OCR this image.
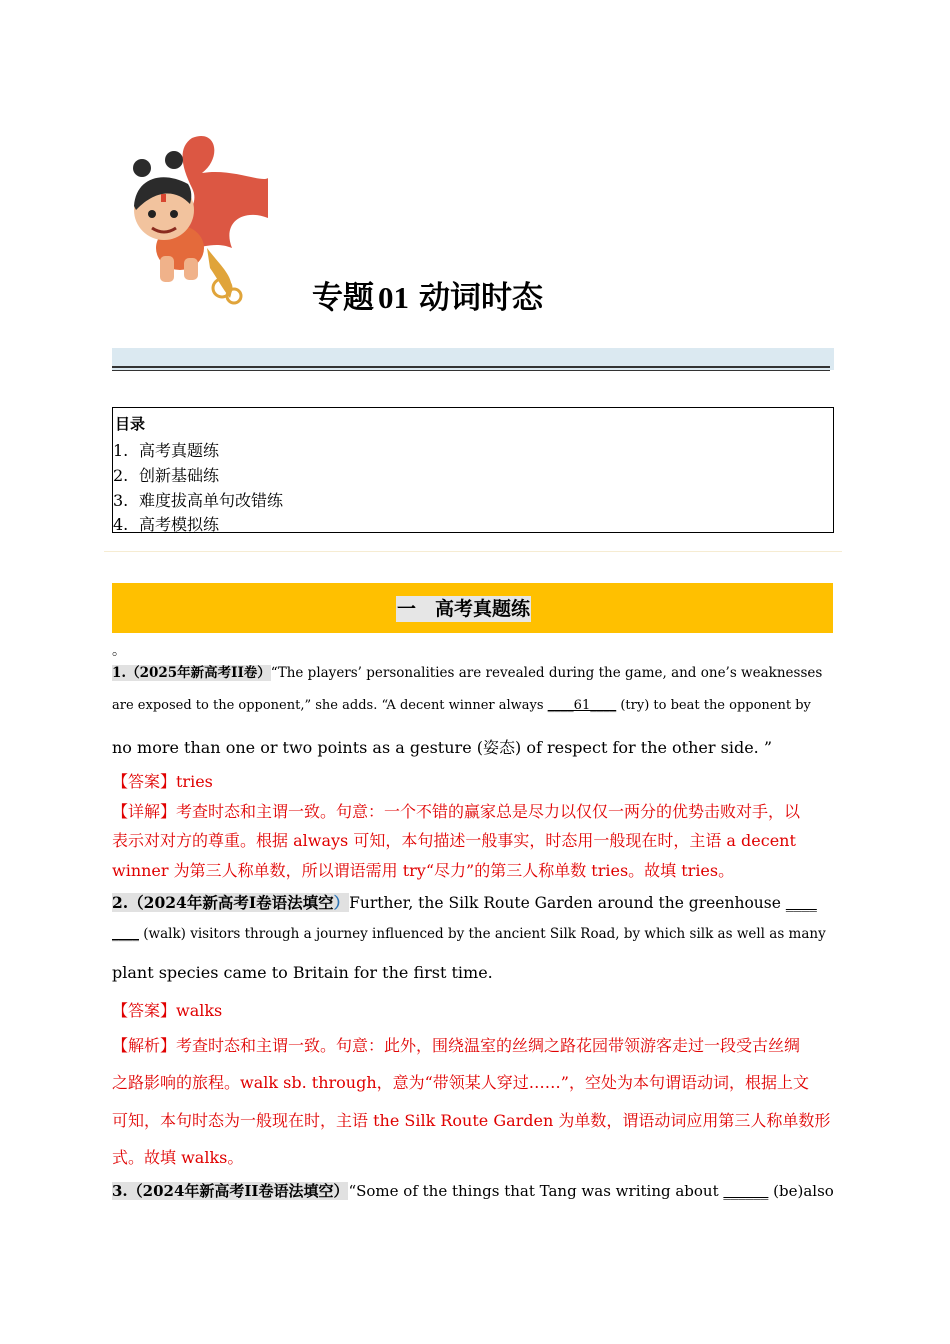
专题 01 动词时态
目录
1. 高考真题练
2. 创新基础练
3. 难度拔高单句改错练
4. 高考模拟练
一　高考真题练
。
1.（2025年新高考II卷）“The players’ personalities are revealed during the game, and one’s weaknesses
are exposed to the opponent,” she adds. “A decent winner always ____61____ (try) to beat the opponent by
no more than one or two points as a gesture (姿态) of respect for the other side. ”
【答案】tries
【详解】考查时态和主谓一致。句意：一个不错的赢家总是尽力以仅仅一两分的优势击败对手，以
表示对对方的尊重。根据 always 可知，本句描述一般事实，时态用一般现在时，主语 a decent
winner 为第三人称单数，所以谓语需用 try“尽力”的第三人称单数 tries。故填 tries。
2.（2024年新高考I卷语法填空）Further, the Silk Route Garden around the greenhouse ____
____ (walk) visitors through a journey influenced by the ancient Silk Road, by which silk as well as many
plant species came to Britain for the first time.
【答案】walks
【解析】考查时态和主谓一致。句意：此外，围绕温室的丝绸之路花园带领游客走过一段受古丝绸
之路影响的旅程。walk sb. through，意为“带领某人穿过……”，空处为本句谓语动词，根据上文
可知，本句时态为一般现在时，主语 the Silk Route Garden 为单数，谓语动词应用第三人称单数形
式。故填 walks。
3.（2024年新高考II卷语法填空）“Some of the things that Tang was writing about ______ (be)also
